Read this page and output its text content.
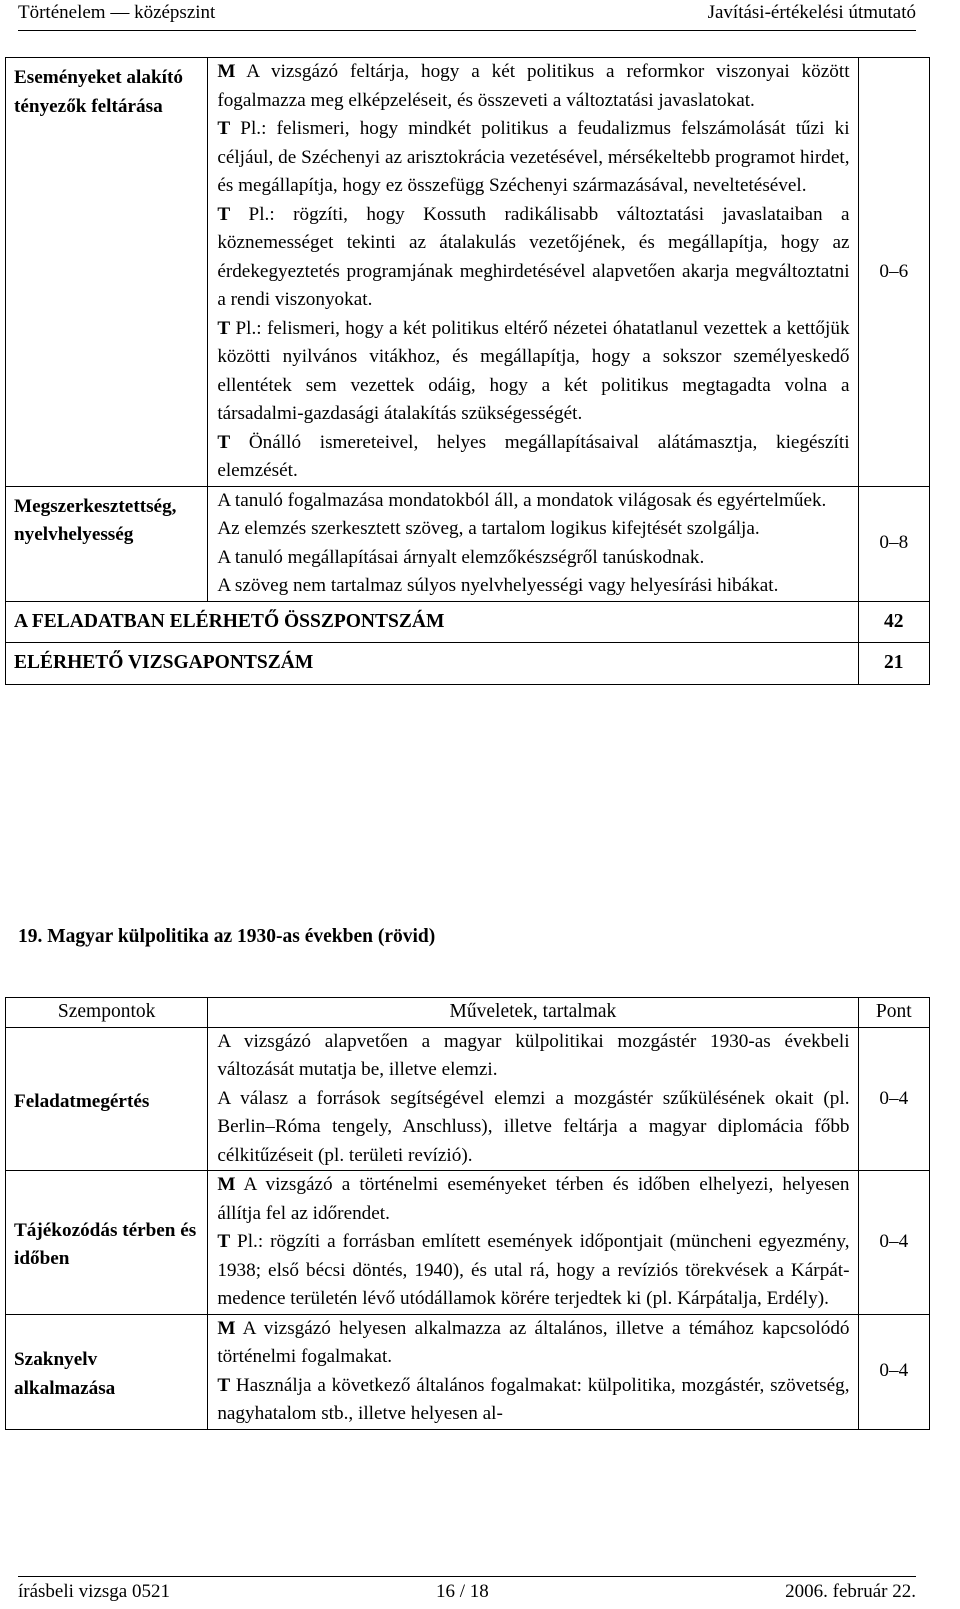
Történelem — középszint	Javítási-értékelési útmutató
Eseményeket alakító tényezők feltárása	M A vizsgázó feltárja, hogy a két politikus a reformkor viszonyai között fogalmazza meg elképzeléseit, és összeveti a változtatási javaslatokat.

T Pl.: felismeri, hogy mindkét politikus a feudalizmus felszámolását tűzi ki céljául, de Széchenyi az arisztokrácia vezetésével, mérsékeltebb programot hirdet, és megállapítja, hogy ez összefügg Széchenyi származásával, neveltetésével.

T Pl.: rögzíti, hogy Kossuth radikálisabb változtatási javaslataiban a köznemességet tekinti az átalakulás vezetőjének, és megállapítja, hogy az érdekegyeztetés programjának meghirdetésével alapvetően akarja megváltoztatni a rendi viszonyokat.

T Pl.: felismeri, hogy a két politikus eltérő nézetei óhatatlanul vezettek a kettőjük közötti nyilvános vitákhoz, és megállapítja, hogy a sokszor személyeskedő ellentétek sem vezettek odáig, hogy a két politikus megtagadta volna a társadalmi-gazdasági átalakítás szükségességét.

T Önálló ismereteivel, helyes megállapításaival alátámasztja, kiegészíti elemzését.	0–6
Megszerkesztettség, nyelvhelyesség	A tanuló fogalmazása mondatokból áll, a mondatok világosak és egyértelműek.

Az elemzés szerkesztett szöveg, a tartalom logikus kifejtését szolgálja.

A tanuló megállapításai árnyalt elemzőkészségről tanúskodnak.

A szöveg nem tartalmaz súlyos nyelvhelyességi vagy helyesírási hibákat.	0–8
A FELADATBAN ELÉRHETŐ ÖSSZPONTSZÁM		42
ELÉRHETŐ VIZSGAPONTSZÁM		21
19. Magyar külpolitika az 1930-as években (rövid)
Szempontok	Műveletek, tartalmak	Pont
Feladatmegértés	A vizsgázó alapvetően a magyar külpolitikai mozgástér 1930-as évekbeli változását mutatja be, illetve elemzi.

A válasz a források segítségével elemzi a mozgástér szűkülésének okait (pl. Berlin–Róma tengely, Anschluss), illetve feltárja a magyar diplomácia főbb célkitűzéseit (pl. területi revízió).	0–4
Tájékozódás térben és időben	M A vizsgázó a történelmi eseményeket térben és időben elhelyezi, helyesen állítja fel az időrendet.

T Pl.: rögzíti a forrásban említett események időpontjait (müncheni egyezmény, 1938; első bécsi döntés, 1940), és utal rá, hogy a revíziós törekvések a Kárpát-medence területén lévő utódállamok körére terjedtek ki (pl. Kárpátalja, Erdély).	0–4
Szaknyelv alkalmazása	M A vizsgázó helyesen alkalmazza az általános, illetve a témához kapcsolódó történelmi fogalmakat.

T Használja a következő általános fogalmakat: külpolitika, mozgástér, szövetség, nagyhatalom stb., illetve helyesen al-	0–4
írásbeli vizsga 0521	16 / 18	2006. február 22.
